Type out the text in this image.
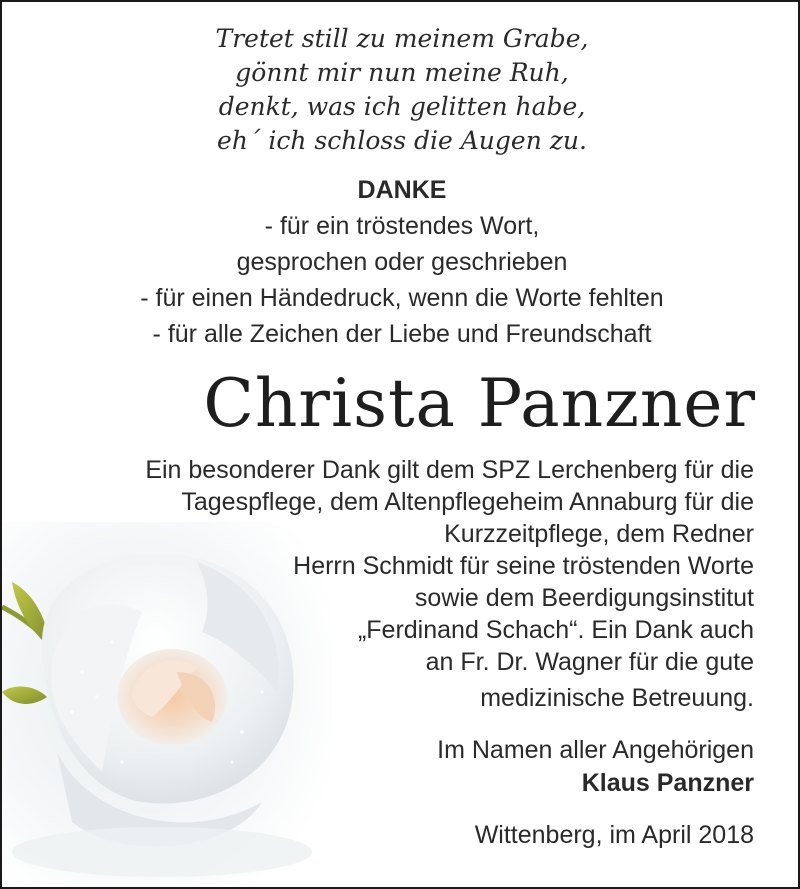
Tretet still zu meinem Grabe,
gönnt mir nun meine Ruh,
denkt, was ich gelitten habe,
eh´ ich schloss die Augen zu.
DANKE
- für ein tröstendes Wort,
gesprochen oder geschrieben
- für einen Händedruck, wenn die Worte fehlten
- für alle Zeichen der Liebe und Freundschaft
Christa Panzner
Ein besonderer Dank gilt dem SPZ Lerchenberg für die
Tagespflege, dem Altenpflegeheim Annaburg für die
Kurzzeitpflege, dem Redner
Herrn Schmidt für seine tröstenden Worte
sowie dem Beerdigungsinstitut
„Ferdinand Schach“. Ein Dank auch
an Fr. Dr. Wagner für die gute
medizinische Betreuung.
Im Namen aller Angehörigen
Klaus Panzner
Wittenberg, im April 2018
